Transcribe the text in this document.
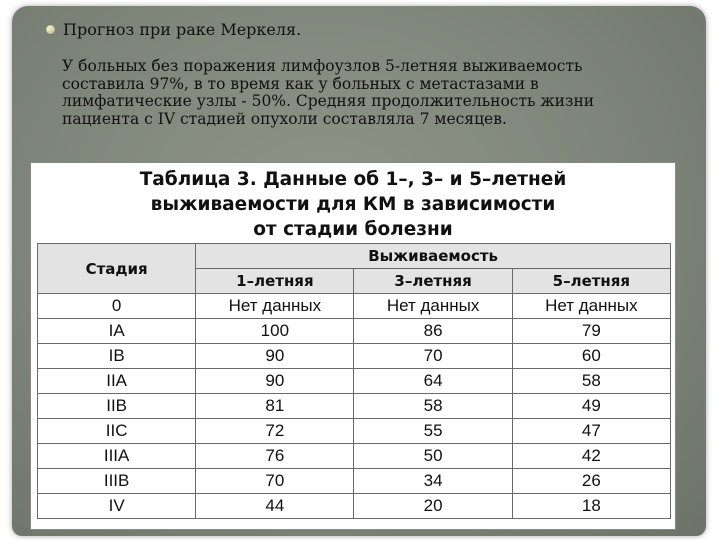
Прогноз при раке Меркеля.
У больных без поражения лимфоузлов 5-летняя выживаемость
составила 97%, в то время как у больных с метастазами в
лимфатические узлы - 50%. Средняя продолжительность жизни
пациента с IV стадией опухоли составляла 7 месяцев.
Таблица 3. Данные об 1–, 3– и 5–летней
выживаемости для КМ в зависимости
от стадии болезни
Стадия	Выживаемость		
	1–летняя	3–летняя	5–летняя
0	Нет данных	Нет данных	Нет данных
IA	100	86	79
IB	90	70	60
IIA	90	64	58
IIB	81	58	49
IIC	72	55	47
IIIA	76	50	42
IIIB	70	34	26
IV	44	20	18
